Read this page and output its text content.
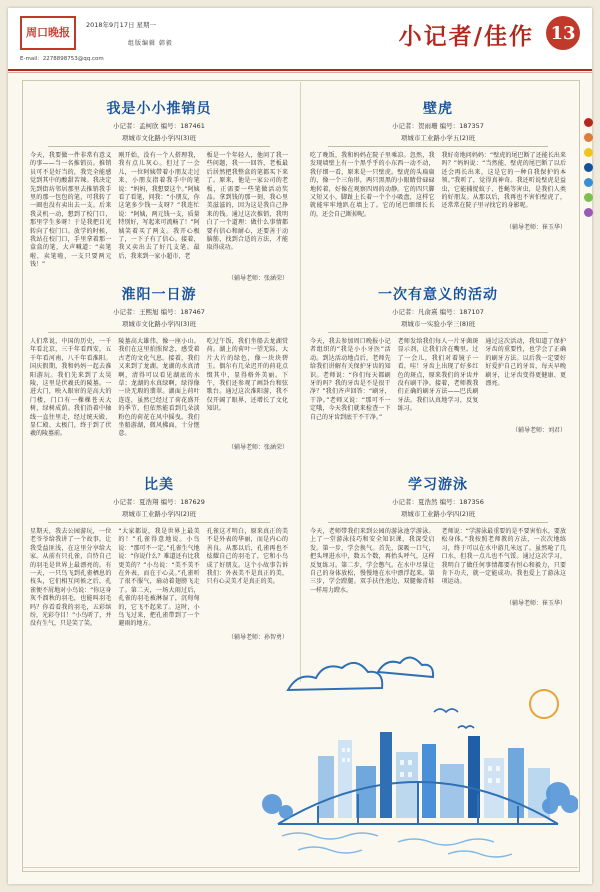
周口 晚报
2018年9月17日 星期一
E-mail：2278898753@qq.com
组版编辑 韩毅	小记者/佳作 13
我是小小推销员
小记者：孟柯欣 编号：187461
项城市文化路小学四(3)班
今天，我要做一件非常有意义的事——当一名推销员。推销员可不是好当的，我完全能感觉到其中的酸甜苦辣。我决定先到街坊邻居那里去推销我手里的那一包包的笔，可我转了一圈也没有卖出去一支。后来我灵机一动，想到了校门口，那里学生多呀！于是我把目光转向了校门口。放学的时候，我站在校门口，手里拿着那一盒盒的笔，大声喊道：“卖笔啦，卖笔啦，一支只要两元钱！”
刚开始，没有一个人搭理我，我有点儿灰心。但过了一会儿，一位阿姨带着小朋友走过来，小朋友指着我手中的笔说：“妈妈，我想要这个。”阿姨看了看笔，问我：“小朋友，你这笔多少钱一支呀？”我连忙说：“阿姨，两元钱一支，质量特别好，写起来可流畅了！”阿姨笑着买了两支。我开心极了，一下子有了信心。接着，我又卖出去了好几支笔。最后，我来到一家小超市，老
板是一个年轻人，他问了我一些问题，我一一回答，老板最后居然把我整盒的笔都买下来了。原来，他是一家公司的老板，正需要一些笔做活动奖品。拿到钱的那一刻，我心里美滋滋的，因为这是我自己挣来的钱。通过这次推销，我明白了一个道理：做什么事情都要有信心和耐心，还要善于动脑筋，找到合适的方法，才能取得成功。
（辅导老师：张涵荣）
壁虎
小记者：贺雨珊 编号：187357
项城市工业路小学五(2)班
吃了晚饭，我和妈妈在院子里乘凉。忽然，我发现墙壁上有一个黑乎乎的小东西一动不动，我仔细一看，原来是一只壁虎。壁虎的头扁扁的，像一个三角形，两只黑黑的小眼睛骨碌碌地转着，好像在观察四周的动静。它的四只脚又短又小，脚趾上长着一个个小吸盘，这样它就能牢牢地趴在墙上了。它的尾巴细细长长的，还会自己断掉呢。
我好奇地问妈妈：“壁虎的尾巴断了还能长出来吗？”妈妈说：“当然能，壁虎的尾巴断了以后还会再长出来，这是它的一种自我保护的本领。”我听了，觉得真神奇。我还听说壁虎是益虫，它能捕捉蚊子、苍蝇等害虫，是我们人类的好朋友。从那以后，我再也不害怕壁虎了，还常常在院子里寻找它的身影呢。
（辅导老师：崔玉华）
淮阳一日游
小记者：王熙旭 编号：187467
项城市文化路小学四(3)班
人们常说，中国的历史，一千年看北京，三千年看西安，五千年看河南，八千年看淮阳。国庆假期，我和妈妈一起去淮阳游玩。我们先来到了太昊陵，这里是伏羲氏的陵墓。一进大门，映入眼帘的是高大的门楼，门口有一棵棵苍天大树，绿树成荫。我们沿着中轴线一直往里走，经过统天殿、显仁殿、太极门，终于到了伏羲的陵墓前。
陵墓高大雄伟，像一座小山。我们在这里拍照留念，感受着古老的文化气息。接着，我们又来到了龙湖。龙湖的水真清啊，清得可以看见湖底的水草；龙湖的水真绿啊，绿得像一块无瑕的翡翠。湖面上荷叶连连，虽然已经过了荷花盛开的季节，但依然能看到几朵淡粉色的荷花在风中摇曳。我们坐船游湖，微风拂面，十分惬意。
吃过午饭，我们坐船去龙湖赏荷。湖上的荷叶一望无际，大片大片的绿色，像一块块碧玉。偶尔有几朵迟开的荷花点缀其中，显得格外美丽。下午，我们还参观了画卦台和弦歌台。通过这次淮阳游，我不仅开阔了眼界，还增长了文化知识。
（辅导老师：张涵荣）
一次有意义的活动
小记者：凡俞熹 编号：187107
项城市一实验小学三(8)班
今天，我去参加周口晚报小记者组织的“我是小小牙医”活动。到达活动地点后，老师先给我们讲解有关保护牙齿的知识。老师说：“你们每天都刷牙的吗？我的牙齿是不是很干净？”我们齐声回答：“刷牙，干净。”老师又说：“那可不一定哦，今天我们就来检查一下自己的牙齿到底干不干净。”
老师发给我们每人一片牙菌斑显示剂，让我们含在嘴里。过了一会儿，我们对着镜子一看，哇！牙齿上出现了好多红色的斑点，原来我们的牙齿并没有刷干净。接着，老师教我们正确的刷牙方法——巴氏刷牙法。我们认真地学习，反复练习。
通过这次活动，我知道了保护牙齿的重要性，也学会了正确的刷牙方法。以后我一定要好好爱护自己的牙齿，每天早晚刷牙，让牙齿变得更健康、更漂亮。
（辅导老师：刘君）
比美
小记者：夏浩翔 编号：187629
项城市工业路小学四(2)班
星期天，我去公园游玩，一位老爷爷给我讲了一个故事，让我受益匪浅，在这里分享给大家。从前有只孔雀，自恃自己的羽毛是世界上最漂亮的。有一天，一只鸟飞到孔雀栖息的枝头，它们相互问候之后，孔雀便不屑地对小鸟说：“你这身灰不溜秋的羽毛，也能叫羽毛吗？你看看我的羽毛，五彩缤纷，光彩夺目！”小鸟听了，并没有生气，只是笑了笑。
“大家都说，我是世界上最美的！”孔雀得意地说。小鸟说：“那可不一定。”孔雀生气地说：“你说什么？难道还有比我更美的？”小鸟说：“美不美不在外表，而在于心灵。”孔雀听了很不服气，扇动着翅膀飞走了。第二天，一场大雨过后，孔雀的羽毛被淋湿了，沉甸甸的，它飞不起来了。这时，小鸟飞过来，把孔雀带到了一个避雨的地方。
孔雀这才明白，原来真正的美不是外表的华丽，而是内心的善良。从那以后，孔雀再也不炫耀自己的羽毛了，它和小鸟成了好朋友。这个小故事告诉我们：外表美不是真正的美，只有心灵美才是真正的美。
（辅导老师：孙智勇）
学习游泳
小记者：夏浩然 编号：187356
项城市工业路小学四(2)班
今天，老师带我们来到公园的游泳池学游泳。上了一堂游泳技巧和安全知识课，我深受启发。第一步，学会换气。首先，深吸一口气，把头埋进水中，数五个数，再抬头呼气，这样反复练习。第二步，学会憋气。在水中尽量让自己的身体放松，慢慢地在水中漂浮起来。第三步，学会蹬腿。双手扶住池边，双腿像青蛙一样用力蹬水。
老师说：“学游泳最重要的是不要害怕水，要放松身体。”我按照老师教的方法，一次次地练习，终于可以在水中游几米远了。虽然呛了几口水，但我一点儿也不气馁。通过这次学习，我明白了做任何事情都要有恒心和毅力，只要肯下功夫，就一定能成功。我也爱上了游泳这项运动。
（辅导老师：崔玉华）
